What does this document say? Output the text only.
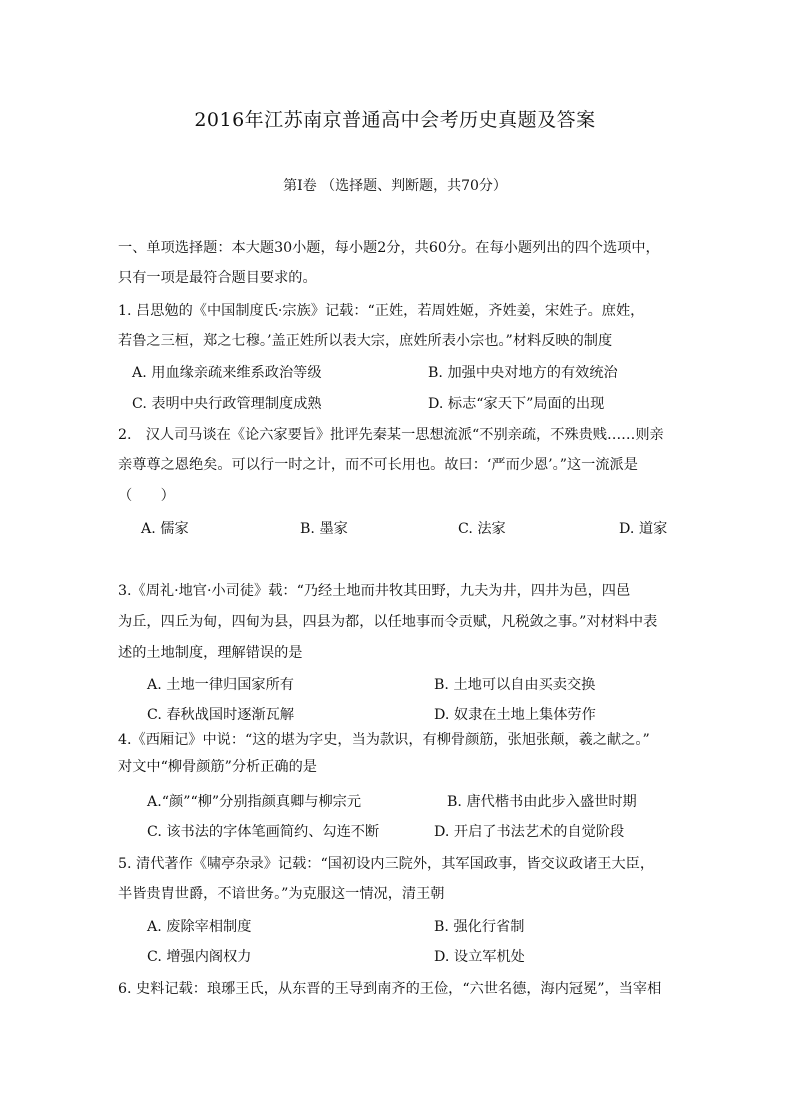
2016年江苏南京普通高中会考历史真题及答案
第Ⅰ卷 （选择题、判断题，共70分）
一、单项选择题：本大题30小题，每小题2分，共60分。在每小题列出的四个选项中，
只有一项是最符合题目要求的。
1. 吕思勉的《中国制度氏·宗族》记载：“正姓，若周姓姬，齐姓姜，宋姓子。庶姓，
若鲁之三桓，郑之七穆。’盖正姓所以表大宗，庶姓所表小宗也。”材料反映的制度
A. 用血缘亲疏来维系政治等级	B. 加强中央对地方的有效统治
C. 表明中央行政管理制度成熟	D. 标志“家天下”局面的出现
2.　汉人司马谈在《论六家要旨》批评先秦某一思想流派“不别亲疏，不殊贵贱……则亲
亲尊尊之恩绝矣。可以行一时之计，而不可长用也。故曰：‘严而少恩’。”这一流派是
（　　）
A. 儒家	B. 墨家	C. 法家	D. 道家
3.《周礼·地官·小司徒》载：“乃经土地而井牧其田野，九夫为井，四井为邑，四邑
为丘，四丘为甸，四甸为县，四县为都，以任地事而令贡赋，凡税敛之事。”对材料中表
述的土地制度，理解错误的是
A. 土地一律归国家所有	B. 土地可以自由买卖交换
C. 春秋战国时逐渐瓦解	D. 奴隶在土地上集体劳作
4.《西厢记》中说：“这的堪为字史，当为款识，有柳骨颜筋，张旭张颠，羲之献之。”
对文中“柳骨颜筋”分析正确的是
A.“颜”“柳”分别指颜真卿与柳宗元	B. 唐代楷书由此步入盛世时期
C. 该书法的字体笔画简约、勾连不断	D. 开启了书法艺术的自觉阶段
5. 清代著作《啸亭杂录》记载：“国初设内三院外，其军国政事，皆交议政诸王大臣，
半皆贵胄世爵，不谙世务。”为克服这一情况，清王朝
A. 废除宰相制度	B. 强化行省制
C. 增强内阁权力	D. 设立军机处
6. 史料记载：琅琊王氏，从东晋的王导到南齐的王俭，“六世名德，海内冠冕”，当宰相
